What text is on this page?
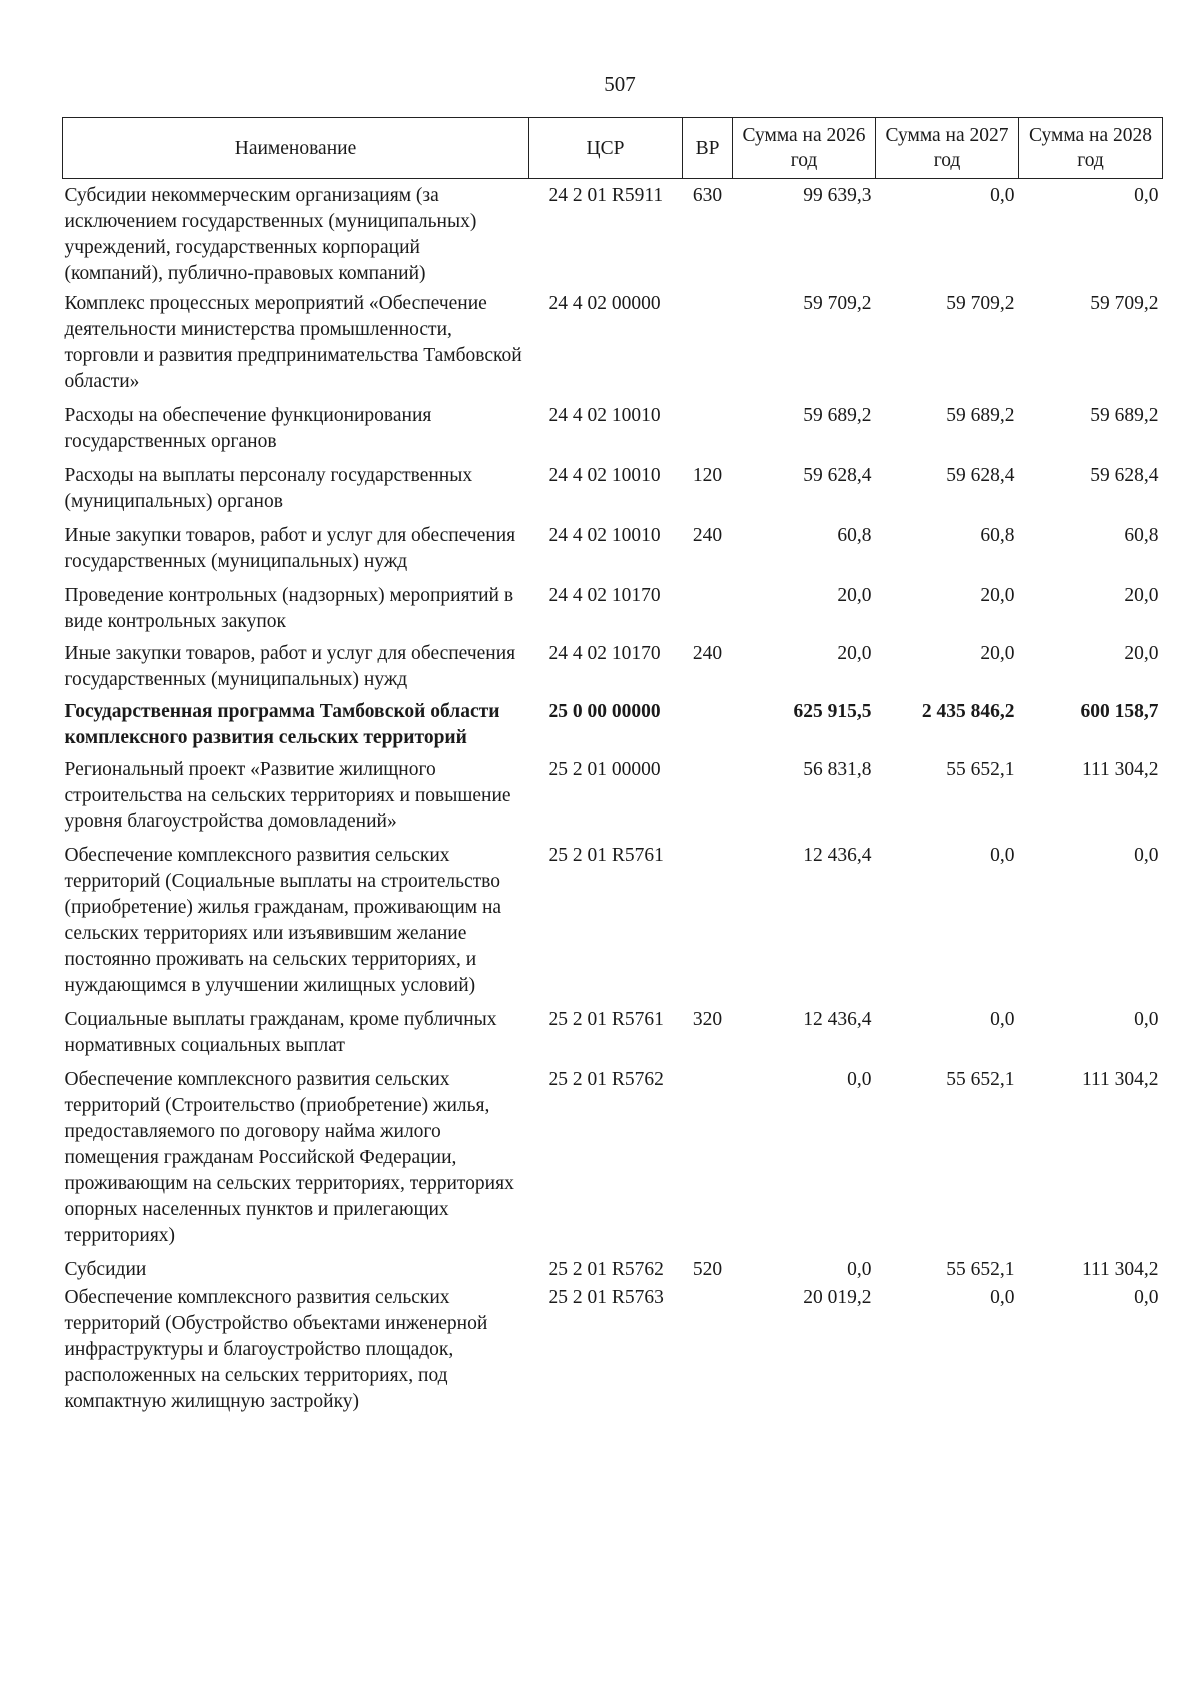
507
Наименование	ЦСР	ВР	Сумма на 2026 год	Сумма на 2027 год	Сумма на 2028 год
Субсидии некоммерческим организациям (за исключением государственных (муниципальных) учреждений, государственных корпораций (компаний), публично-правовых компаний)	24 2 01 R5911	630	99 639,3	0,0	0,0
Комплекс процессных мероприятий «Обеспечение деятельности министерства промышленности, торговли и развития предпринимательства Тамбовской области»	24 4 02 00000		59 709,2	59 709,2	59 709,2
Расходы на обеспечение функционирования государственных органов	24 4 02 10010		59 689,2	59 689,2	59 689,2
Расходы на выплаты персоналу государственных (муниципальных) органов	24 4 02 10010	120	59 628,4	59 628,4	59 628,4
Иные закупки товаров, работ и услуг для обеспечения государственных (муниципальных) нужд	24 4 02 10010	240	60,8	60,8	60,8
Проведение контрольных (надзорных) мероприятий в виде контрольных закупок	24 4 02 10170		20,0	20,0	20,0
Иные закупки товаров, работ и услуг для обеспечения государственных (муниципальных) нужд	24 4 02 10170	240	20,0	20,0	20,0
Государственная программа Тамбовской области комплексного развития сельских территорий	25 0 00 00000		625 915,5	2 435 846,2	600 158,7
Региональный проект «Развитие жилищного строительства на сельских территориях и повышение уровня благоустройства домовладений»	25 2 01 00000		56 831,8	55 652,1	111 304,2
Обеспечение комплексного развития сельских территорий (Социальные выплаты на строительство (приобретение) жилья гражданам, проживающим на сельских территориях или изъявившим желание постоянно проживать на сельских территориях, и нуждающимся в улучшении жилищных условий)	25 2 01 R5761		12 436,4	0,0	0,0
Социальные выплаты гражданам, кроме публичных нормативных социальных выплат	25 2 01 R5761	320	12 436,4	0,0	0,0
Обеспечение комплексного развития сельских территорий (Строительство (приобретение) жилья, предоставляемого по договору найма жилого помещения гражданам Российской Федерации, проживающим на сельских территориях, территориях опорных населенных пунктов и прилегающих территориях)	25 2 01 R5762		0,0	55 652,1	111 304,2
Субсидии	25 2 01 R5762	520	0,0	55 652,1	111 304,2
Обеспечение комплексного развития сельских территорий (Обустройство объектами инженерной инфраструктуры и благоустройство площадок, расположенных на сельских территориях, под компактную жилищную застройку)	25 2 01 R5763		20 019,2	0,0	0,0
